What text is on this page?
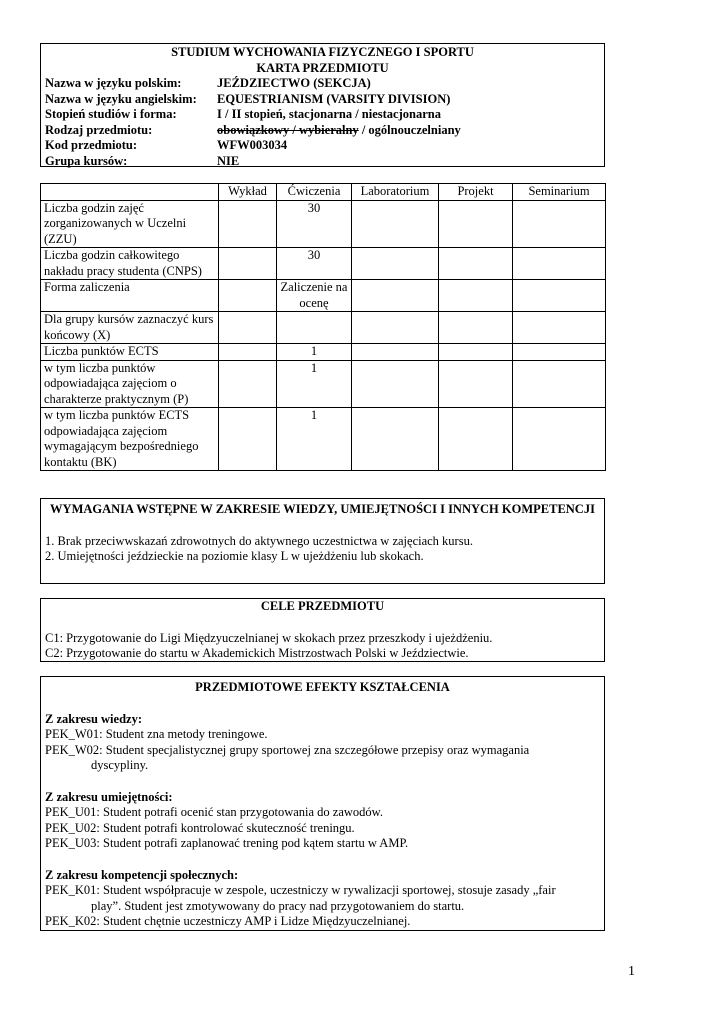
STUDIUM WYCHOWANIA FIZYCZNEGO I SPORTU
KARTA PRZEDMIOTU
Nazwa w języku polskim:	JEŹDZIECTWO (SEKCJA)
Nazwa w języku angielskim:	EQUESTRIANISM (VARSITY DIVISION)
Stopień studiów i forma:	I / II stopień, stacjonarna / niestacjonarna
Rodzaj przedmiotu:	obowiązkowy / wybieralny / ogólnouczelniany
Kod przedmiotu:	WFW003034
Grupa kursów:	NIE
	Wykład	Ćwiczenia	Laboratorium	Projekt	Seminarium
Liczba godzin zajęć zorganizowanych w Uczelni (ZZU)		30			
Liczba godzin całkowitego nakładu pracy studenta (CNPS)		30			
Forma zaliczenia		Zaliczenie na ocenę			
Dla grupy kursów zaznaczyć kurs końcowy (X)					
Liczba punktów ECTS		1			
w tym liczba punktów odpowiadająca zajęciom o charakterze praktycznym (P)		1			
w tym liczba punktów ECTS odpowiadająca zajęciom wymagającym bezpośredniego kontaktu (BK)		1			
WYMAGANIA WSTĘPNE W ZAKRESIE WIEDZY, UMIEJĘTNOŚCI I INNYCH KOMPETENCJI
1. Brak przeciwwskazań zdrowotnych do aktywnego uczestnictwa w zajęciach kursu.
2. Umiejętności jeździeckie na poziomie klasy L w ujeżdżeniu lub skokach.
CELE PRZEDMIOTU
C1: Przygotowanie do Ligi Międzyuczelnianej w skokach przez przeszkody i ujeżdżeniu.
C2: Przygotowanie do startu w Akademickich Mistrzostwach Polski w Jeździectwie.
PRZEDMIOTOWE EFEKTY KSZTAŁCENIA
Z zakresu wiedzy:
PEK_W01: Student zna metody treningowe.
PEK_W02: Student specjalistycznej grupy sportowej zna szczegółowe przepisy oraz wymagania
dyscypliny.
Z zakresu umiejętności:
PEK_U01: Student potrafi ocenić stan przygotowania do zawodów.
PEK_U02: Student potrafi kontrolować skuteczność treningu.
PEK_U03: Student potrafi zaplanować trening pod kątem startu w AMP.
Z zakresu kompetencji społecznych:
PEK_K01: Student współpracuje w zespole, uczestniczy w rywalizacji sportowej, stosuje zasady „fair
play”. Student jest zmotywowany do pracy nad przygotowaniem do startu.
PEK_K02: Student chętnie uczestniczy AMP i Lidze Międzyuczelnianej.
1
